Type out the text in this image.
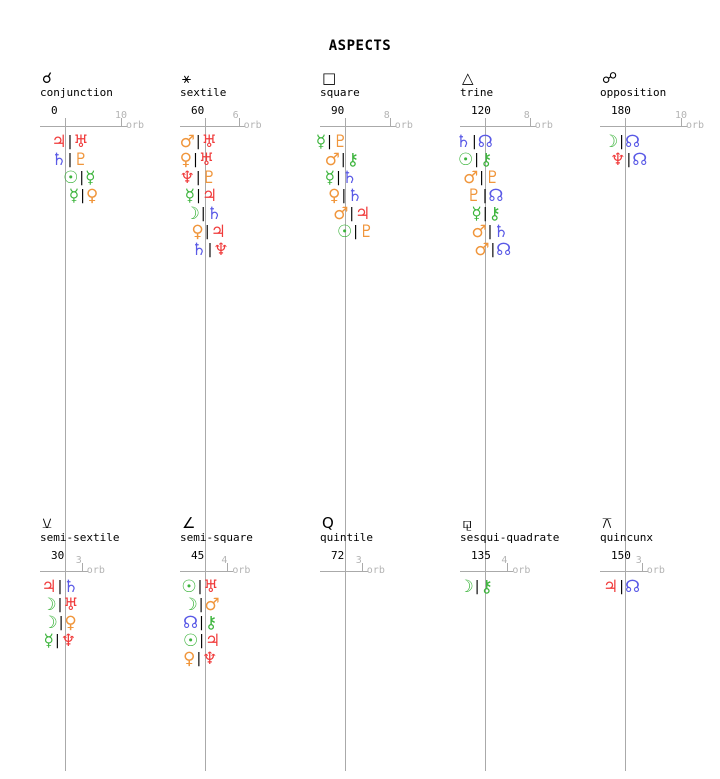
ASPECTS
☌
conjunction
0	10
orb
♃ | ♅
♄ | ♇
☉ | ☿
☿ | ♀
⚹
sextile
60	6
orb
♂ | ♅
♀ | ♅
♆ | ♇
☿ | ♃
☽ | ♄
♀ | ♃
♄ | ♆
□
square
90	8
orb
☿ | ♇
♂ | ⚷
☿ | ♄
♀ | ♄
♂ | ♃
☉ | ♇
△
trine
120	8
orb
♄ | ☊
☉ | ⚷
♂ | ♇
♇ | ☊
☿ | ⚷
♂ | ♄
♂ | ☊
☍
opposition
180	10
orb
☽ | ☊
♆ | ☊
⚺
semi-sextile
30 3
orb
♃ | ♄
☽ | ♅
☽ | ♀
☿ | ♆
∠
semi-square
45 4
orb
☉ | ♅
☽ | ♂
☊ | ⚷
☉ | ♃
♀ | ♆
Q
quintile
72 3
orb
⚼
sesqui-quadrate
135 4
orb
☽ | ⚷
⚻
quincunx
150 3
orb
♃ | ☊
